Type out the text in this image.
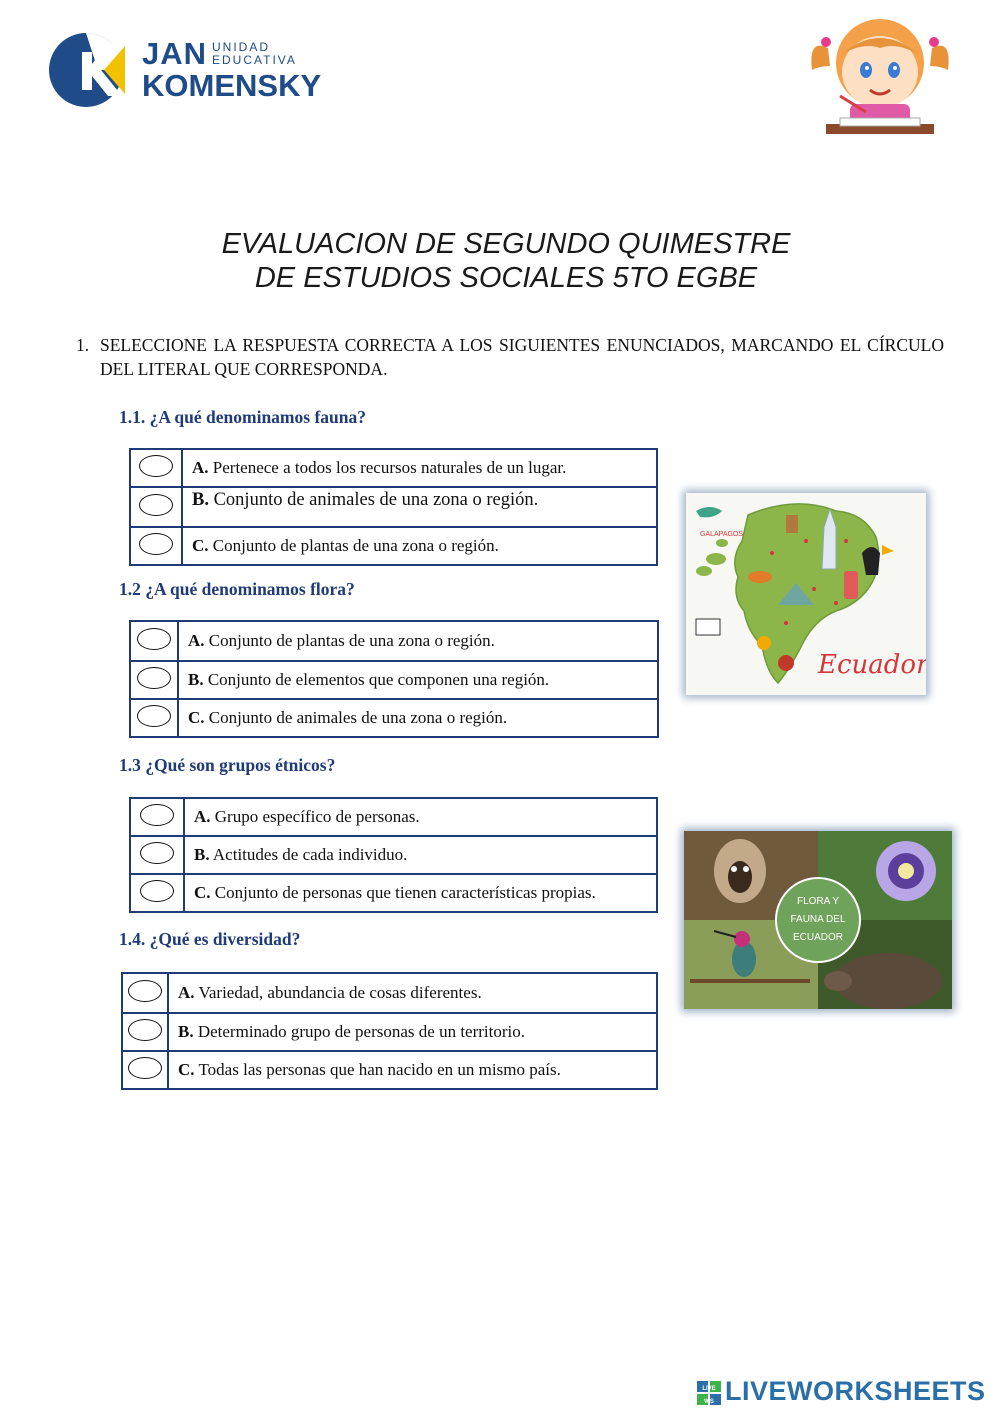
JAN UNIDAD
EDUCATIVA
KOMENSKY
EVALUACION DE SEGUNDO QUIMESTRE
DE ESTUDIOS SOCIALES 5TO EGBE
1. SELECCIONE LA RESPUESTA CORRECTA A LOS SIGUIENTES ENUNCIADOS, MARCANDO EL CÍRCULO DEL LITERAL QUE CORRESPONDA.
1.1. ¿A qué denominamos fauna?
	A. Pertenece a todos los recursos naturales de un lugar.
	B. Conjunto de animales de una zona o región.
	C. Conjunto de plantas de una zona o región.
1.2 ¿A qué denominamos flora?
	A. Conjunto de plantas de una zona o región.
	B. Conjunto de elementos que componen una región.
	C. Conjunto de animales de una zona o región.
1.3 ¿Qué son grupos étnicos?
	A. Grupo específico de personas.
	B. Actitudes de cada individuo.
	C. Conjunto de personas que tienen características propias.
1.4. ¿Qué es diversidad?
	A. Variedad, abundancia de cosas diferentes.
	B. Determinado grupo de personas de un territorio.
	C. Todas las personas que han nacido en un mismo país.
GALAPAGOS
Ecuador
FLORA Y
FAUNA DEL
ECUADOR
LIVE
WS LIVEWORKSHEETS
